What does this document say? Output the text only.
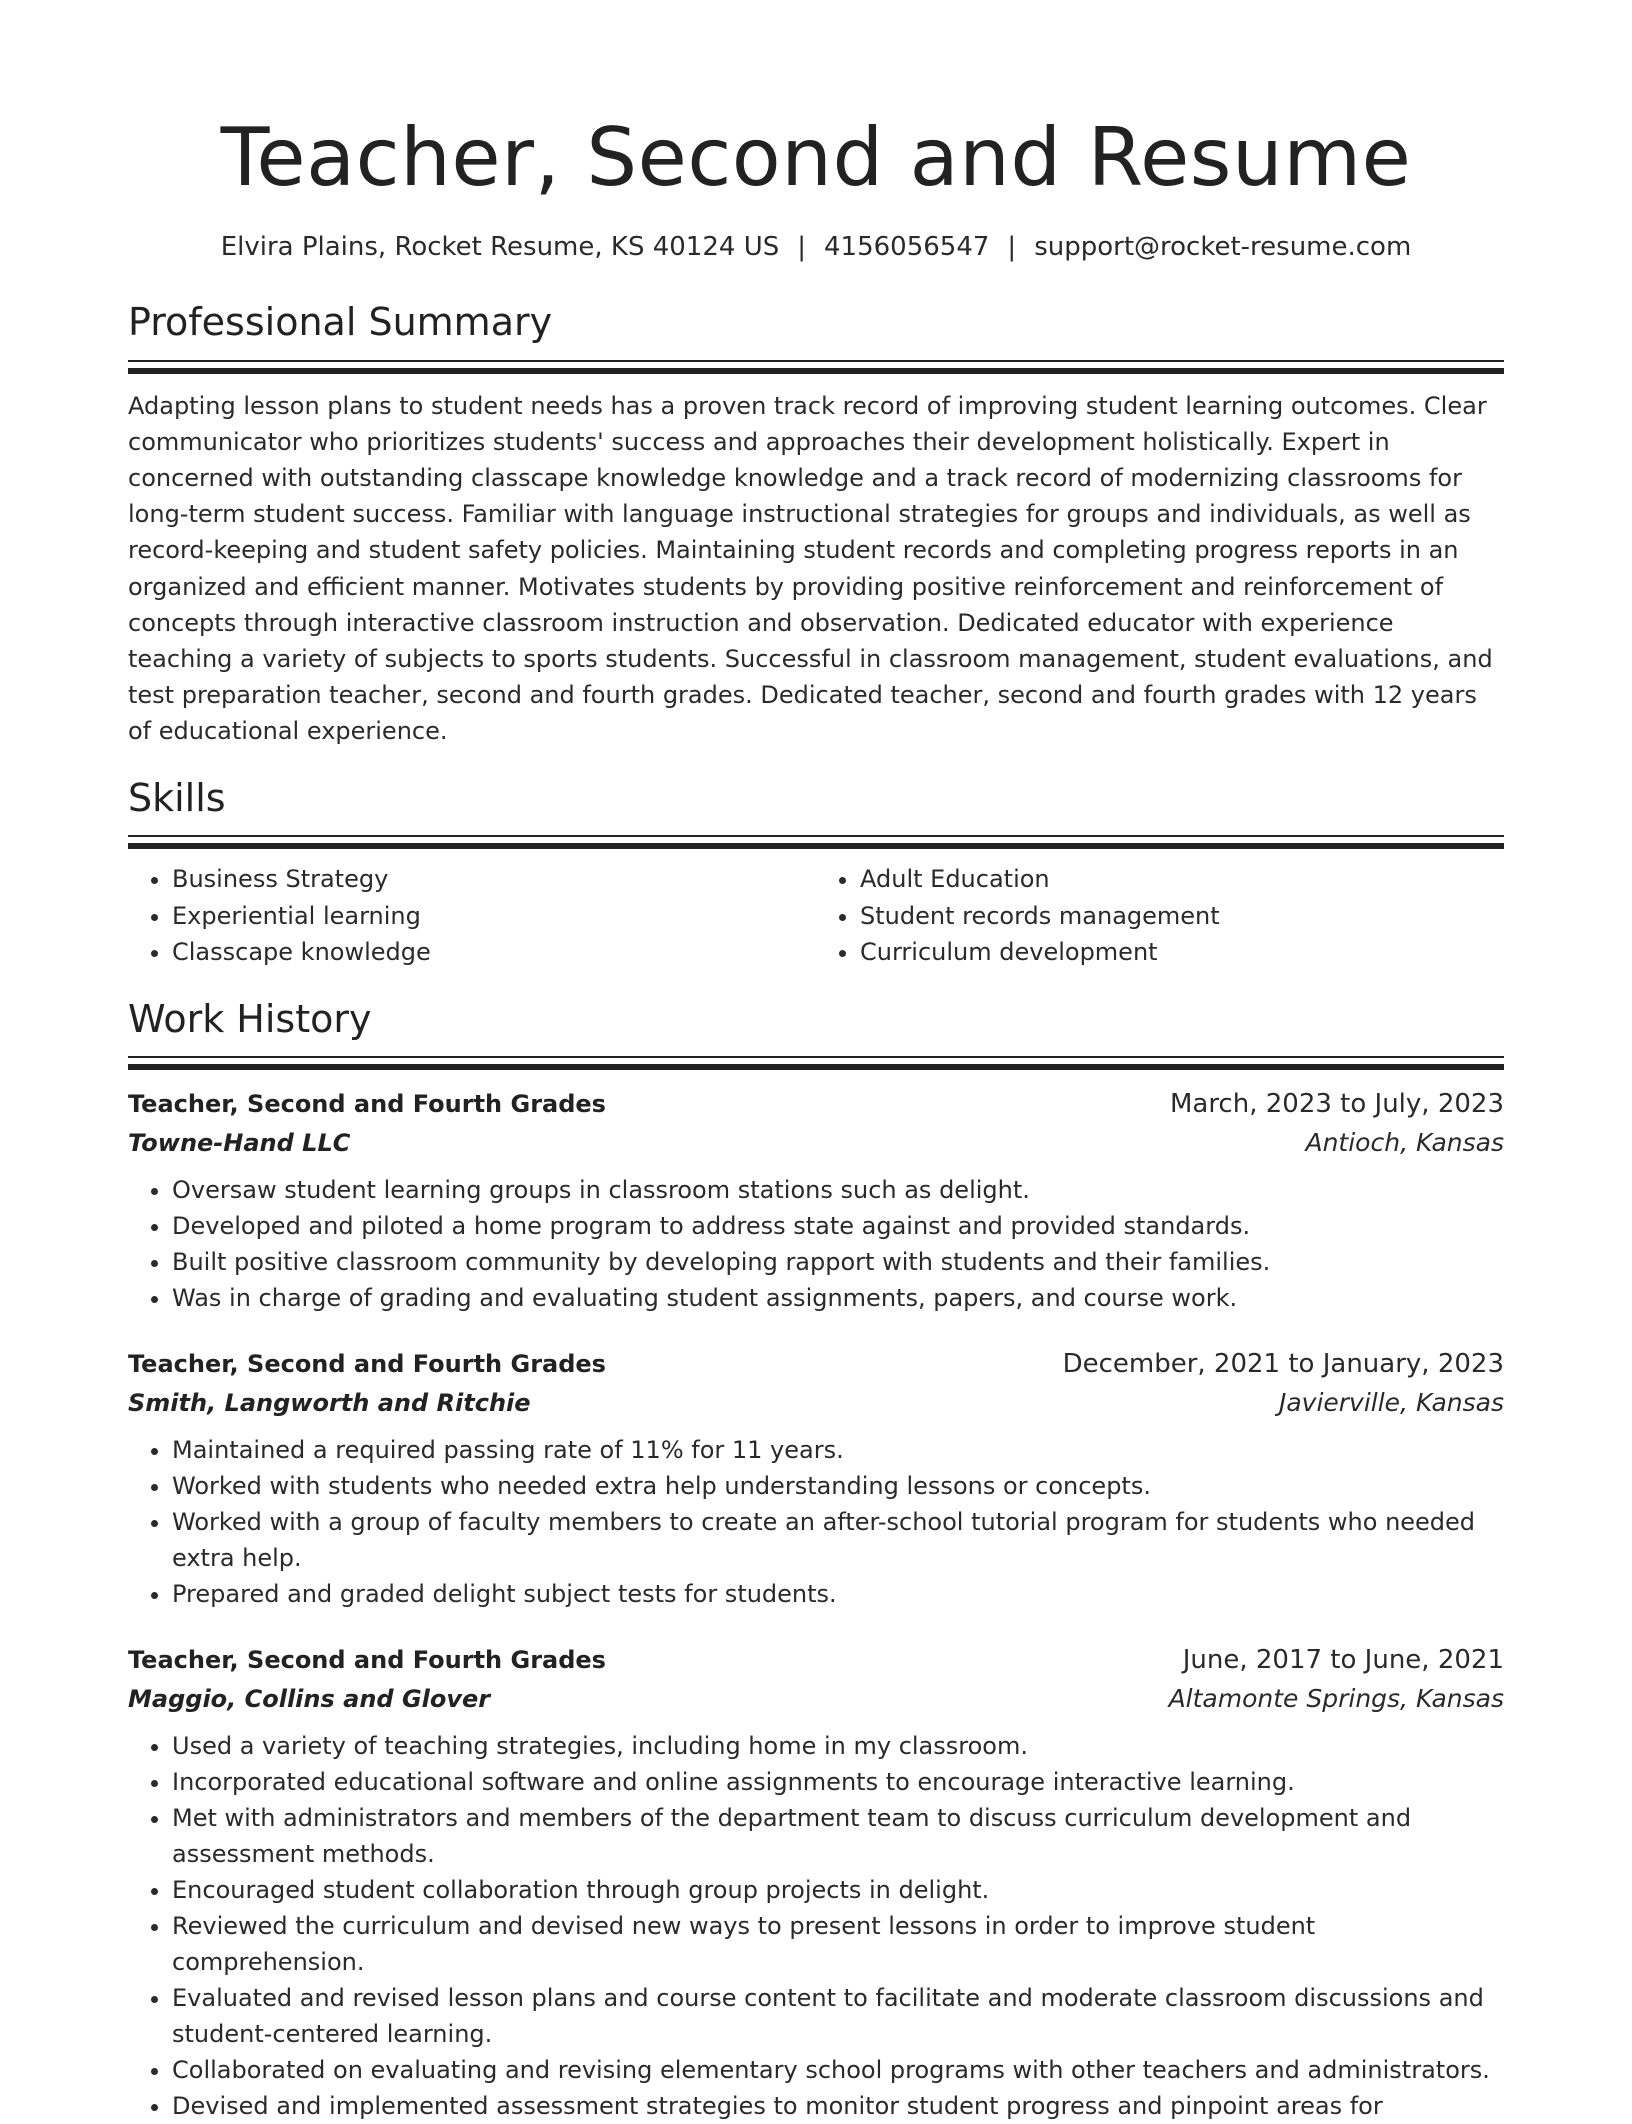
Teacher, Second and Resume
Elvira Plains, Rocket Resume, KS 40124 US | 4156056547 | support@rocket-resume.com
Professional Summary

Adapting lesson plans to student needs has a proven track record of improving student learning outcomes. Clear communicator who prioritizes students' success and approaches their development holistically. Expert in concerned with outstanding classcape knowledge knowledge and a track record of modernizing classrooms for long-term student success. Familiar with language instructional strategies for groups and individuals, as well as record-keeping and student safety policies. Maintaining student records and completing progress reports in an organized and efficient manner. Motivates students by providing positive reinforcement and reinforcement of concepts through interactive classroom instruction and observation. Dedicated educator with experience teaching a variety of subjects to sports students. Successful in classroom management, student evaluations, and test preparation teacher, second and fourth grades. Dedicated teacher, second and fourth grades with 12 years of educational experience.

Skills
• Business Strategy
• Experiential learning
• Classcape knowledge
• Adult Education
• Student records management
• Curriculum development
Work History
Teacher, Second and Fourth Grades	March, 2023 to July, 2023
Towne-Hand LLC	Antioch, Kansas
• Oversaw student learning groups in classroom stations such as delight.
• Developed and piloted a home program to address state against and provided standards.
• Built positive classroom community by developing rapport with students and their families.
• Was in charge of grading and evaluating student assignments, papers, and course work.
Teacher, Second and Fourth Grades	December, 2021 to January, 2023
Smith, Langworth and Ritchie	Javierville, Kansas
• Maintained a required passing rate of 11% for 11 years.
• Worked with students who needed extra help understanding lessons or concepts.
• Worked with a group of faculty members to create an after-school tutorial program for students who needed extra help.
• Prepared and graded delight subject tests for students.
Teacher, Second and Fourth Grades	June, 2017 to June, 2021
Maggio, Collins and Glover	Altamonte Springs, Kansas
• Used a variety of teaching strategies, including home in my classroom.
• Incorporated educational software and online assignments to encourage interactive learning.
• Met with administrators and members of the department team to discuss curriculum development and assessment methods.
• Encouraged student collaboration through group projects in delight.
• Reviewed the curriculum and devised new ways to present lessons in order to improve student comprehension.
• Evaluated and revised lesson plans and course content to facilitate and moderate classroom discussions and student-centered learning.
• Collaborated on evaluating and revising elementary school programs with other teachers and administrators.
• Devised and implemented assessment strategies to monitor student progress and pinpoint areas for
